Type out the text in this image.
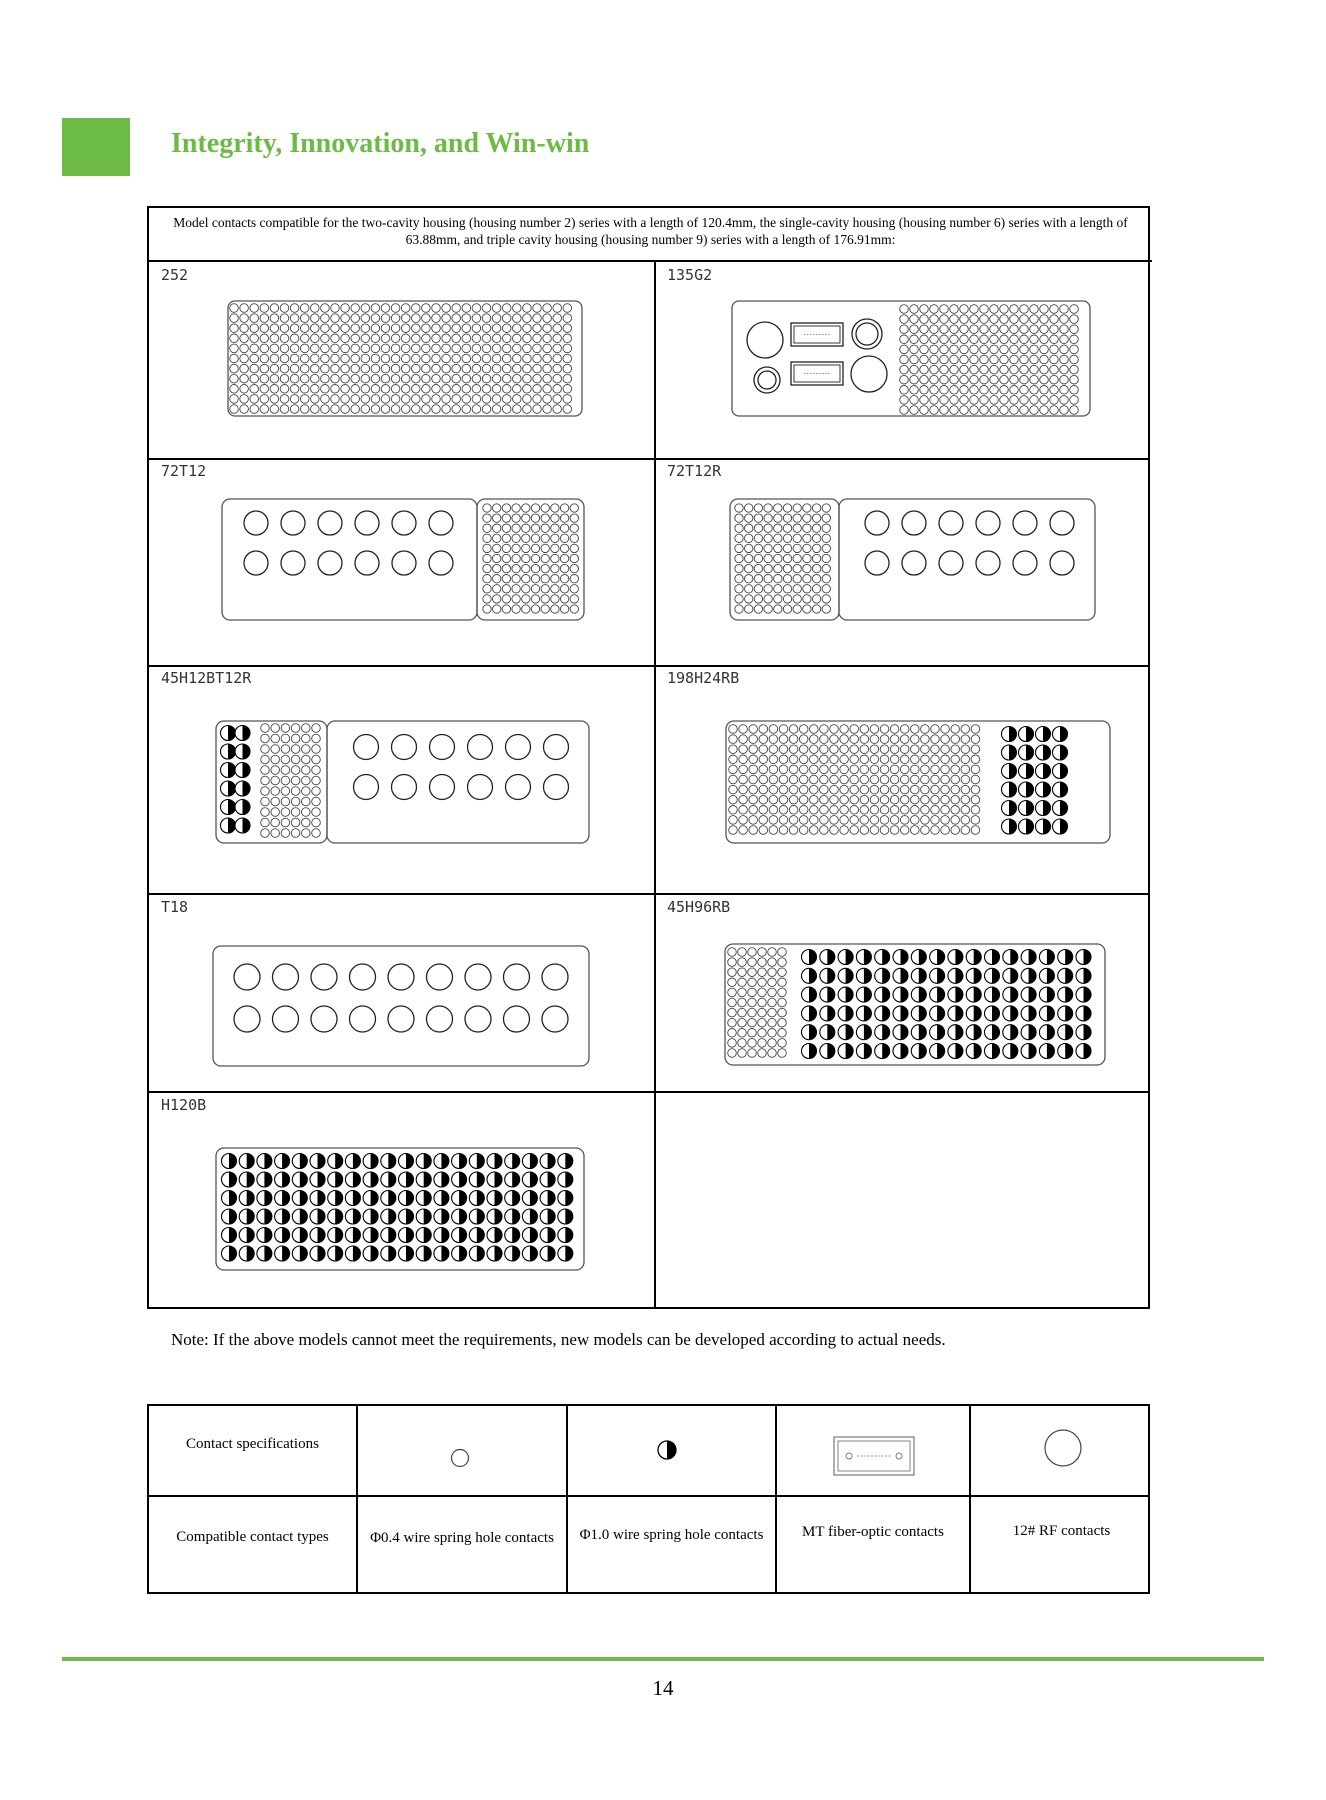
Integrity, Innovation, and Win-win
Model contacts compatible for the two-cavity housing (housing number 2) series with a length of 120.4mm, the single-cavity housing (housing number 6) series with a length of 63.88mm, and triple cavity housing (housing number 9) series with a length of 176.91mm:
252	135G2
72T12	72T12R
45H12BT12R	198H24RB
T18	45H96RB
H120B
Note: If the above models cannot meet the requirements, new models can be developed according to actual needs.
Contact specifications
Compatible contact types	Φ0.4 wire spring hole contacts	Φ1.0 wire spring hole contacts	MT fiber-optic contacts	12# RF contacts
14
